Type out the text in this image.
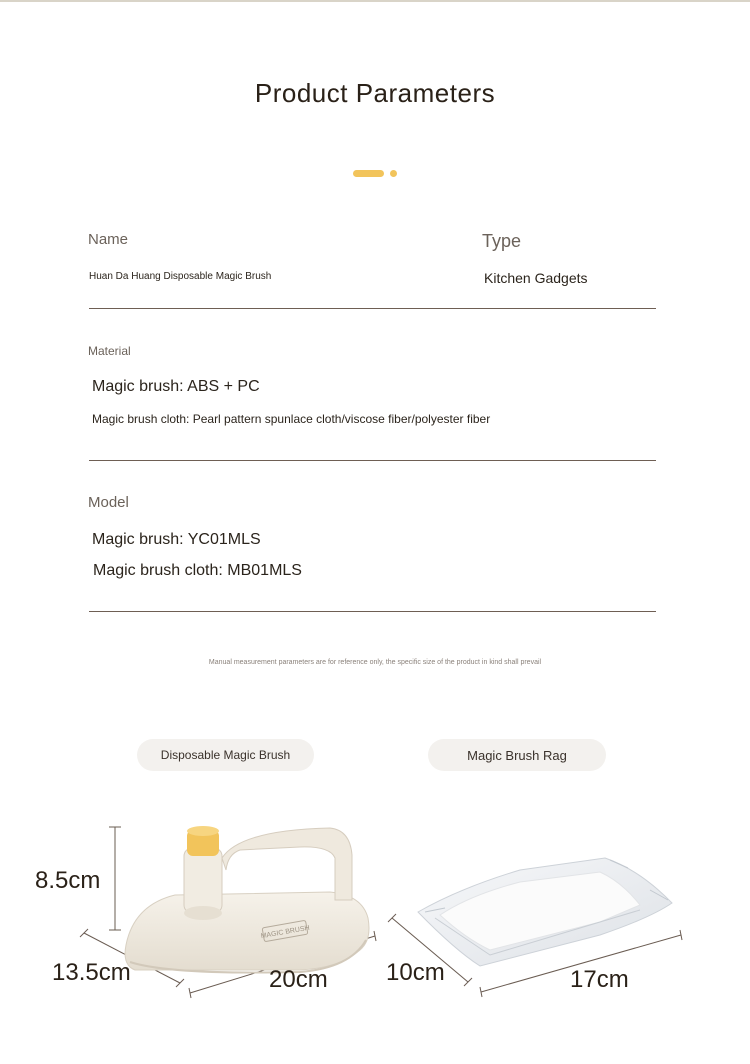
Product Parameters
Name
Huan Da Huang Disposable Magic Brush
Type
Kitchen Gadgets
Material
Magic brush: ABS + PC
Magic brush cloth: Pearl pattern spunlace cloth/viscose fiber/polyester fiber
Model
Magic brush: YC01MLS
Magic brush cloth: MB01MLS
Manual measurement parameters are for reference only, the specific size of the product in kind shall prevail
Disposable Magic Brush	Magic Brush Rag
MAGIC BRUSH
8.5cm
13.5cm	20cm 10cm	17cm
